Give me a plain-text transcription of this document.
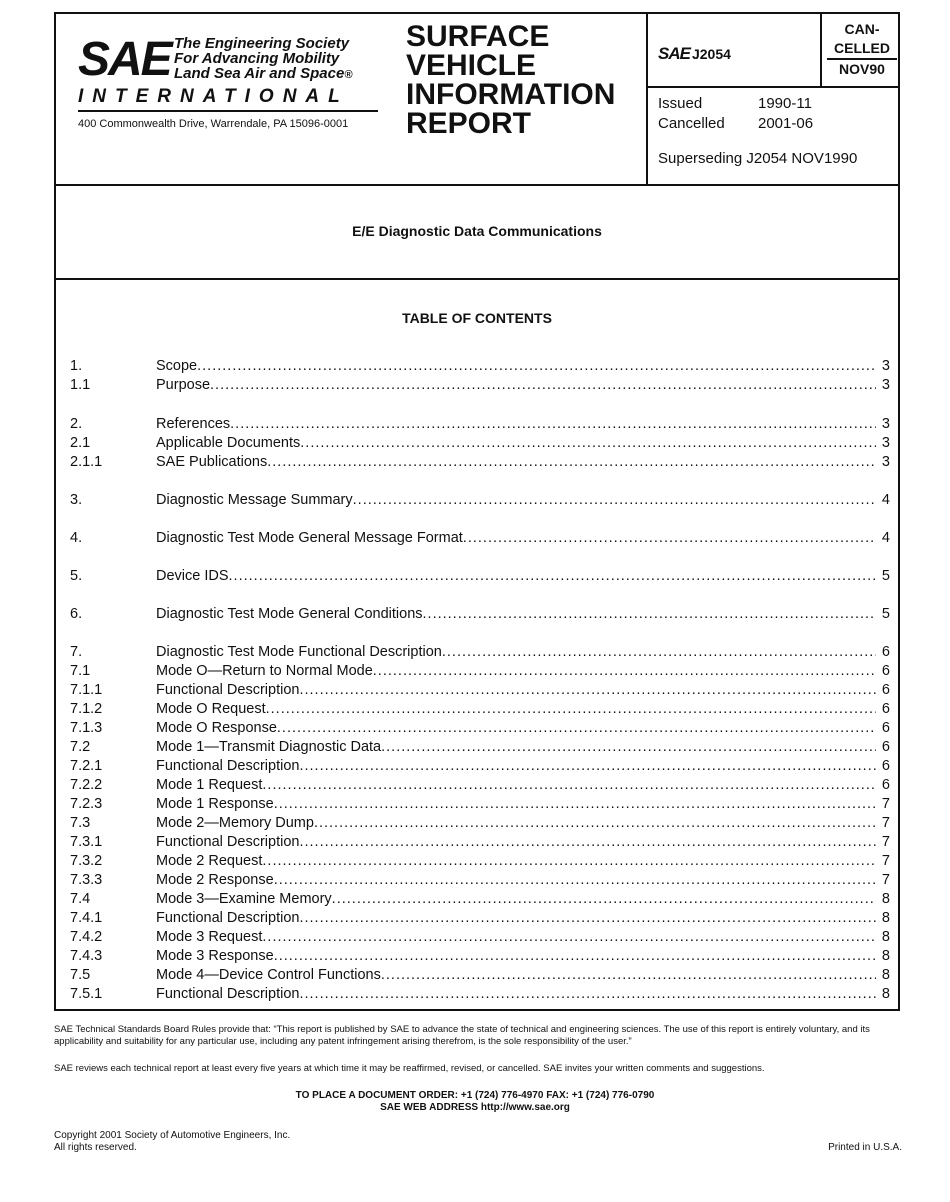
SAE The Engineering Society
For Advancing Mobility
Land Sea Air and Space®
INTERNATIONAL
400 Commonwealth Drive, Warrendale, PA 15096-0001
SURFACE
VEHICLE
INFORMATION
REPORT
SAE J2054
CAN-
CELLED
NOV90
Issued	1990-11
Cancelled	2001-06
Superseding J2054 NOV1990
E/E Diagnostic Data Communications
TABLE OF CONTENTS
1.	Scope .....	3
1.1	Purpose .....	3
2.	References .....	3
2.1	Applicable Documents .....	3
2.1.1	SAE Publications .....	3
3.	Diagnostic Message Summary .....	4
4.	Diagnostic Test Mode General Message Format .....	4
5.	Device IDS .....	5
6.	Diagnostic Test Mode General Conditions .....	5
7.	Diagnostic Test Mode Functional Description .....	6
7.1	Mode O—Return to Normal Mode .....	6
7.1.1	Functional Description .....	6
7.1.2	Mode O Request .....	6
7.1.3	Mode O Response .....	6
7.2	Mode 1—Transmit Diagnostic Data .....	6
7.2.1	Functional Description .....	6
7.2.2	Mode 1 Request .....	6
7.2.3	Mode 1 Response .....	7
7.3	Mode 2—Memory Dump .....	7
7.3.1	Functional Description .....	7
7.3.2	Mode 2 Request .....	7
7.3.3	Mode 2 Response .....	7
7.4	Mode 3—Examine Memory .....	8
7.4.1	Functional Description .....	8
7.4.2	Mode 3 Request .....	8
7.4.3	Mode 3 Response .....	8
7.5	Mode 4—Device Control Functions .....	8
7.5.1	Functional Description .....	8
SAE Technical Standards Board Rules provide that: “This report is published by SAE to advance the state of technical and engineering sciences. The use of this report is entirely voluntary, and its applicability and suitability for any particular use, including any patent infringement arising therefrom, is the sole responsibility of the user.”
SAE reviews each technical report at least every five years at which time it may be reaffirmed, revised, or cancelled. SAE invites your written comments and suggestions.
TO PLACE A DOCUMENT ORDER: +1 (724) 776-4970 FAX: +1 (724) 776-0790
SAE WEB ADDRESS http://www.sae.org
Copyright 2001 Society of Automotive Engineers, Inc.
All rights reserved.	Printed in U.S.A.
